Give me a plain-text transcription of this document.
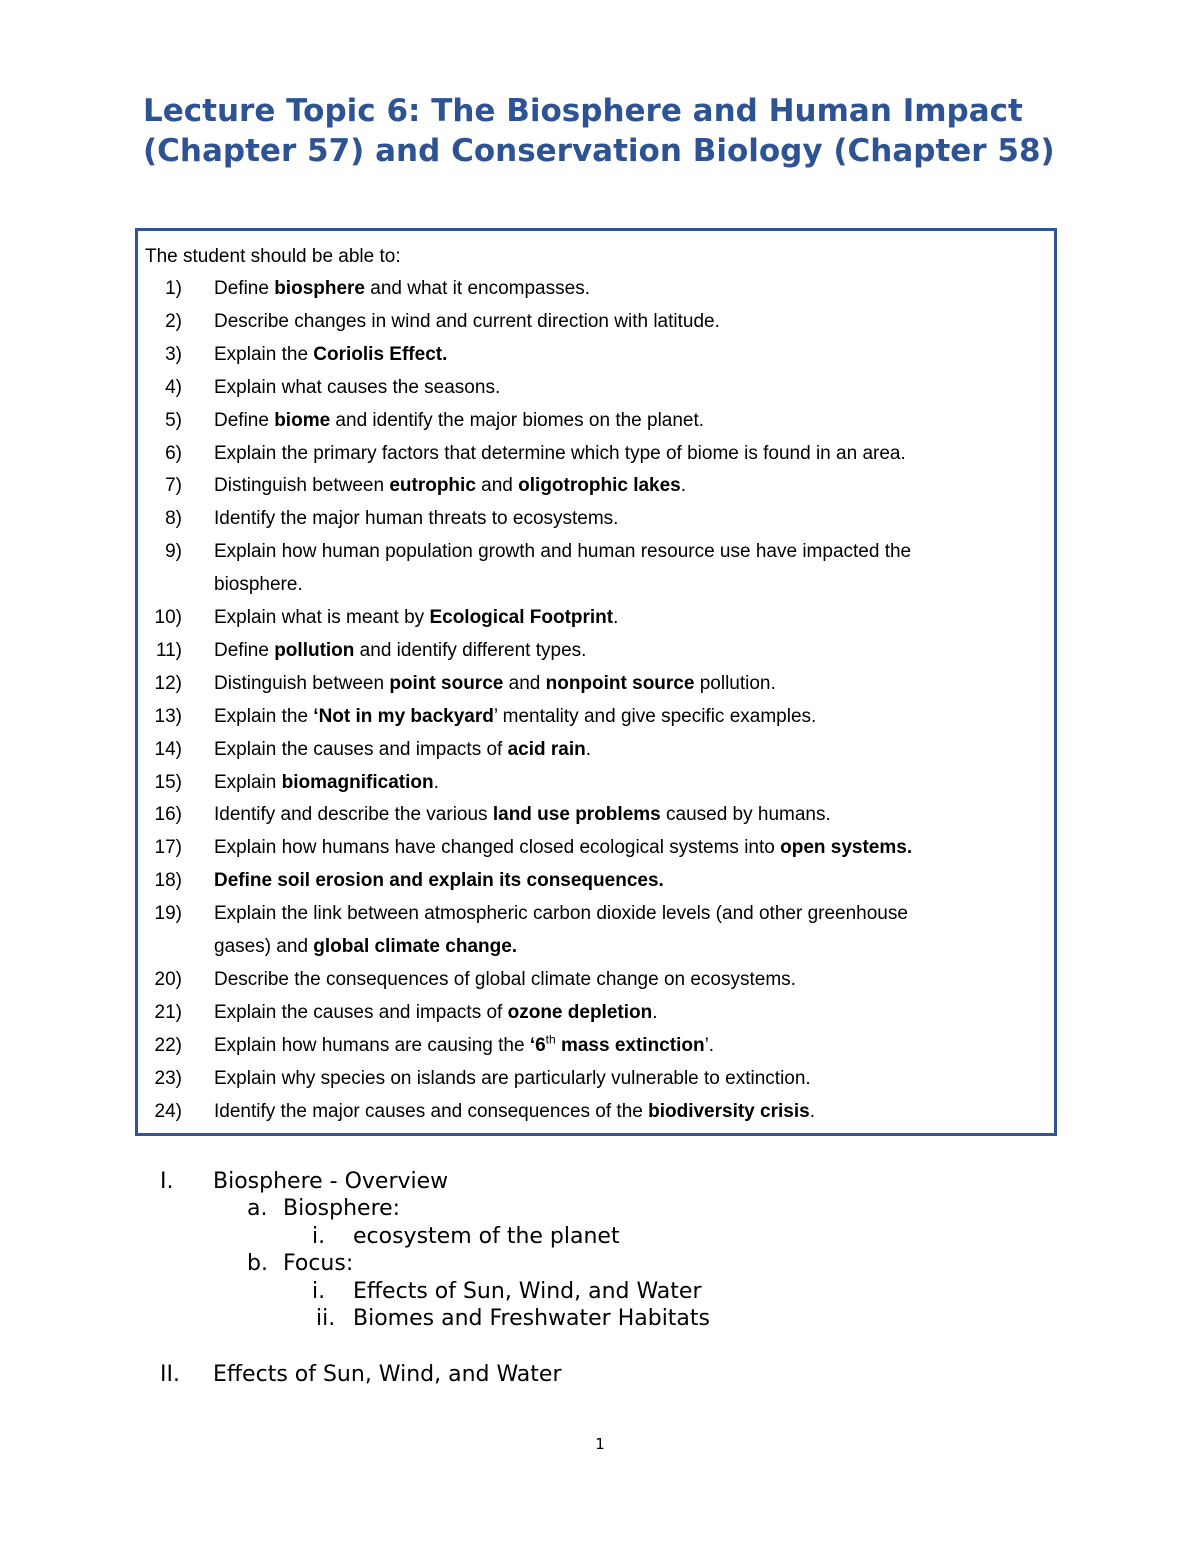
Lecture Topic 6: The Biosphere and Human Impact (Chapter 57) and Conservation Biology (Chapter 58)
The student should be able to:
1) Define biosphere and what it encompasses.
2) Describe changes in wind and current direction with latitude.
3) Explain the Coriolis Effect.
4) Explain what causes the seasons.
5) Define biome and identify the major biomes on the planet.
6) Explain the primary factors that determine which type of biome is found in an area.
7) Distinguish between eutrophic and oligotrophic lakes.
8) Identify the major human threats to ecosystems.
9) Explain how human population growth and human resource use have impacted the
biosphere.
10) Explain what is meant by Ecological Footprint.
11) Define pollution and identify different types.
12) Distinguish between point source and nonpoint source pollution.
13) Explain the ‘Not in my backyard’ mentality and give specific examples.
14) Explain the causes and impacts of acid rain.
15) Explain biomagnification.
16) Identify and describe the various land use problems caused by humans.
17) Explain how humans have changed closed ecological systems into open systems.
18) Define soil erosion and explain its consequences.
19) Explain the link between atmospheric carbon dioxide levels (and other greenhouse
gases) and global climate change.
20) Describe the consequences of global climate change on ecosystems.
21) Explain the causes and impacts of ozone depletion.
22) Explain how humans are causing the ‘6th mass extinction’.
23) Explain why species on islands are particularly vulnerable to extinction.
24) Identify the major causes and consequences of the biodiversity crisis.
I. Biosphere - Overview
a. Biosphere:
i. ecosystem of the planet
b. Focus:
i. Effects of Sun, Wind, and Water
ii. Biomes and Freshwater Habitats
II. Effects of Sun, Wind, and Water
1
